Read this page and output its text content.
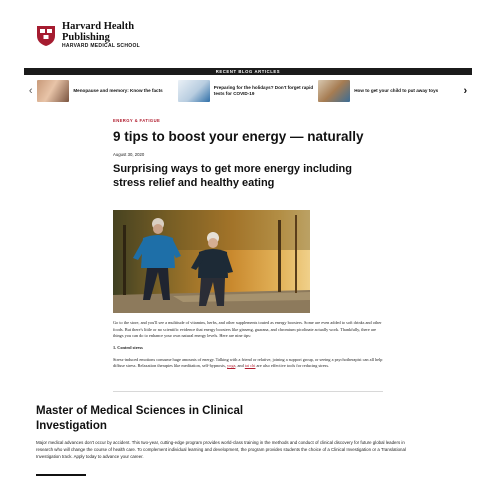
Harvard Health
Publishing
HARVARD MEDICAL SCHOOL
RECENT BLOG ARTICLES
‹	Menopause and memory: Know the facts
Preparing for the holidays? Don't forget rapid tests for COVID-19
How to get your child to put away toys	›
ENERGY & FATIGUE
9 tips to boost your energy — naturally
August 30, 2020
Surprising ways to get more energy including stress relief and healthy eating

Go to the store, and you'll see a multitude of vitamins, herbs, and other supplements touted as energy boosters. Some are even added to soft drinks and other foods. But there's little or no scientific evidence that energy boosters like ginseng, guarana, and chromium picolinate actually work. Thankfully, there are things you can do to enhance your own natural energy levels. Here are nine tips:

1. Control stress

Stress-induced emotions consume huge amounts of energy. Talking with a friend or relative, joining a support group, or seeing a psychotherapist can all help diffuse stress. Relaxation therapies like meditation, self-hypnosis, yoga, and tai chi are also effective tools for reducing stress.

Master of Medical Sciences in Clinical Investigation
Major medical advances don't occur by accident. This two-year, cutting-edge program provides world-class training in the methods and conduct of clinical discovery for future global leaders in research who will change the course of health care. To complement individual learning and development, the program provides students the choice of a Clinical Investigation or a Translational Investigation track. Apply today to advance your career.
